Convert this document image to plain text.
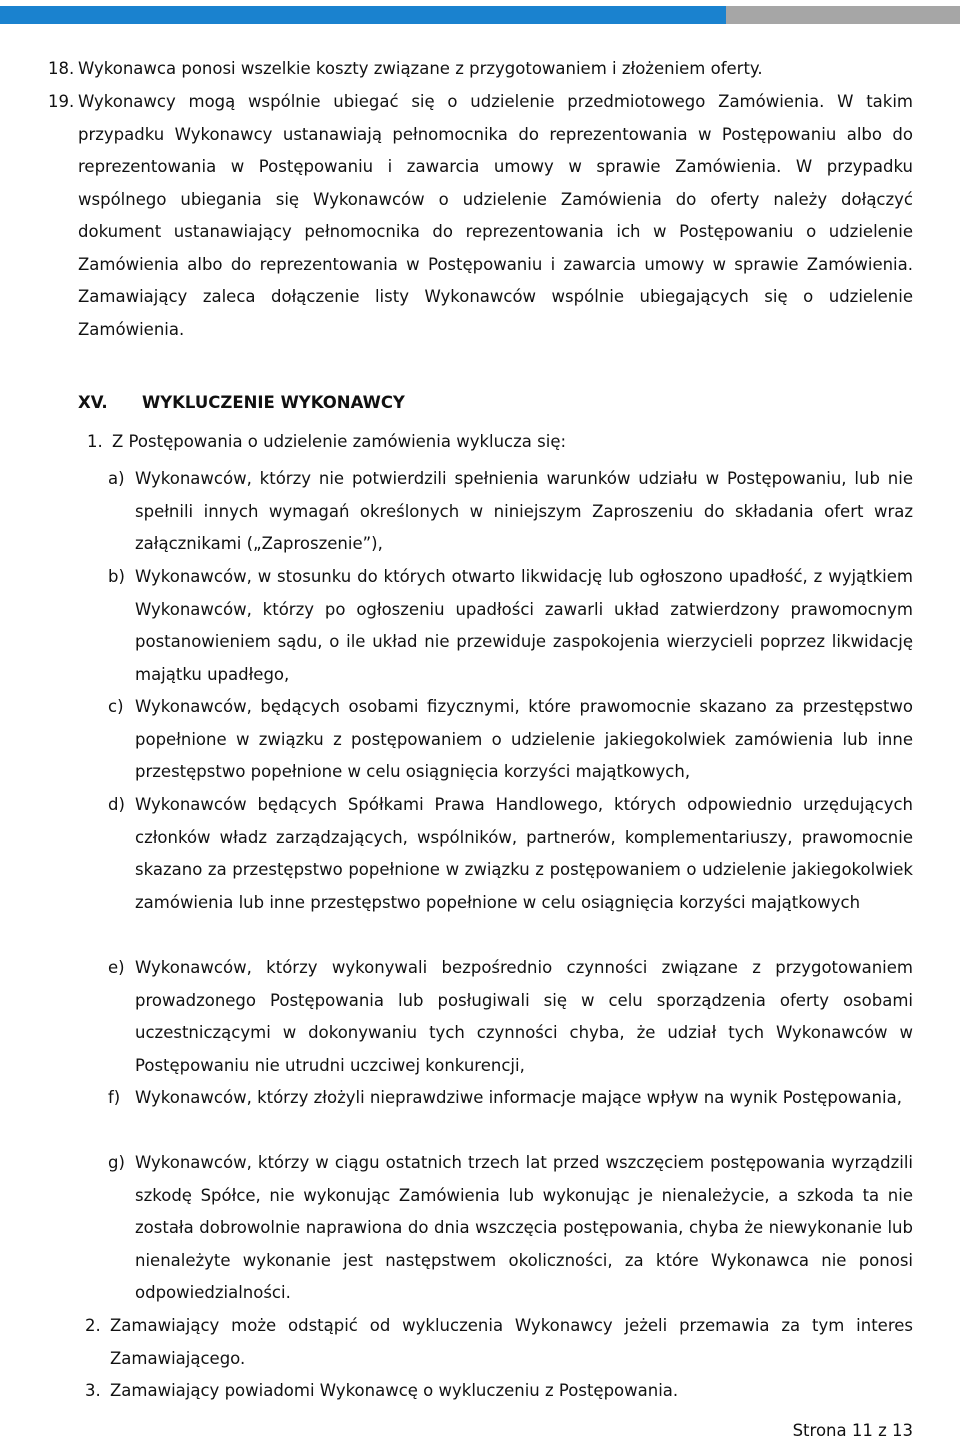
18. Wykonawca ponosi wszelkie koszty związane z przygotowaniem i złożeniem oferty.
19. Wykonawcy mogą wspólnie ubiegać się o udzielenie przedmiotowego Zamówienia. W takim przypadku Wykonawcy ustanawiają pełnomocnika do reprezentowania w Postępowaniu albo do reprezentowania w Postępowaniu i zawarcia umowy w sprawie Zamówienia. W przypadku wspólnego ubiegania się Wykonawców o udzielenie Zamówienia do oferty należy dołączyć dokument ustanawiający pełnomocnika do reprezentowania ich w Postępowaniu o udzielenie Zamówienia albo do reprezentowania w Postępowaniu i zawarcia umowy w sprawie Zamówienia. Zamawiający zaleca dołączenie listy Wykonawców wspólnie ubiegających się o udzielenie Zamówienia.
XV. WYKLUCZENIE WYKONAWCY
1. Z Postępowania o udzielenie zamówienia wyklucza się:
a) Wykonawców, którzy nie potwierdzili spełnienia warunków udziału w Postępowaniu, lub nie spełnili innych wymagań określonych w niniejszym Zaproszeniu do składania ofert wraz załącznikami („Zaproszenie”),
b) Wykonawców, w stosunku do których otwarto likwidację lub ogłoszono upadłość, z wyjątkiem Wykonawców, którzy po ogłoszeniu upadłości zawarli układ zatwierdzony prawomocnym postanowieniem sądu, o ile układ nie przewiduje zaspokojenia wierzycieli poprzez likwidację majątku upadłego,
c) Wykonawców, będących osobami fizycznymi, które prawomocnie skazano za przestępstwo popełnione w związku z postępowaniem o udzielenie jakiegokolwiek zamówienia lub inne przestępstwo popełnione w celu osiągnięcia korzyści majątkowych,
d) Wykonawców będących Spółkami Prawa Handlowego, których odpowiednio urzędujących członków władz zarządzających, wspólników, partnerów, komplementariuszy, prawomocnie skazano za przestępstwo popełnione w związku z postępowaniem o udzielenie jakiegokolwiek zamówienia lub inne przestępstwo popełnione w celu osiągnięcia korzyści majątkowych
e) Wykonawców, którzy wykonywali bezpośrednio czynności związane z przygotowaniem prowadzonego Postępowania lub posługiwali się w celu sporządzenia oferty osobami uczestniczącymi w dokonywaniu tych czynności chyba, że udział tych Wykonawców w Postępowaniu nie utrudni uczciwej konkurencji,
f) Wykonawców, którzy złożyli nieprawdziwe informacje mające wpływ na wynik Postępowania,
g) Wykonawców, którzy w ciągu ostatnich trzech lat przed wszczęciem postępowania wyrządzili szkodę Spółce, nie wykonując Zamówienia lub wykonując je nienależycie, a szkoda ta nie została dobrowolnie naprawiona do dnia wszczęcia postępowania, chyba że niewykonanie lub nienależyte wykonanie jest następstwem okoliczności, za które Wykonawca nie ponosi odpowiedzialności.
2. Zamawiający może odstąpić od wykluczenia Wykonawcy jeżeli przemawia za tym interes Zamawiającego.
3. Zamawiający powiadomi Wykonawcę o wykluczeniu z Postępowania.
Strona 11 z 13
